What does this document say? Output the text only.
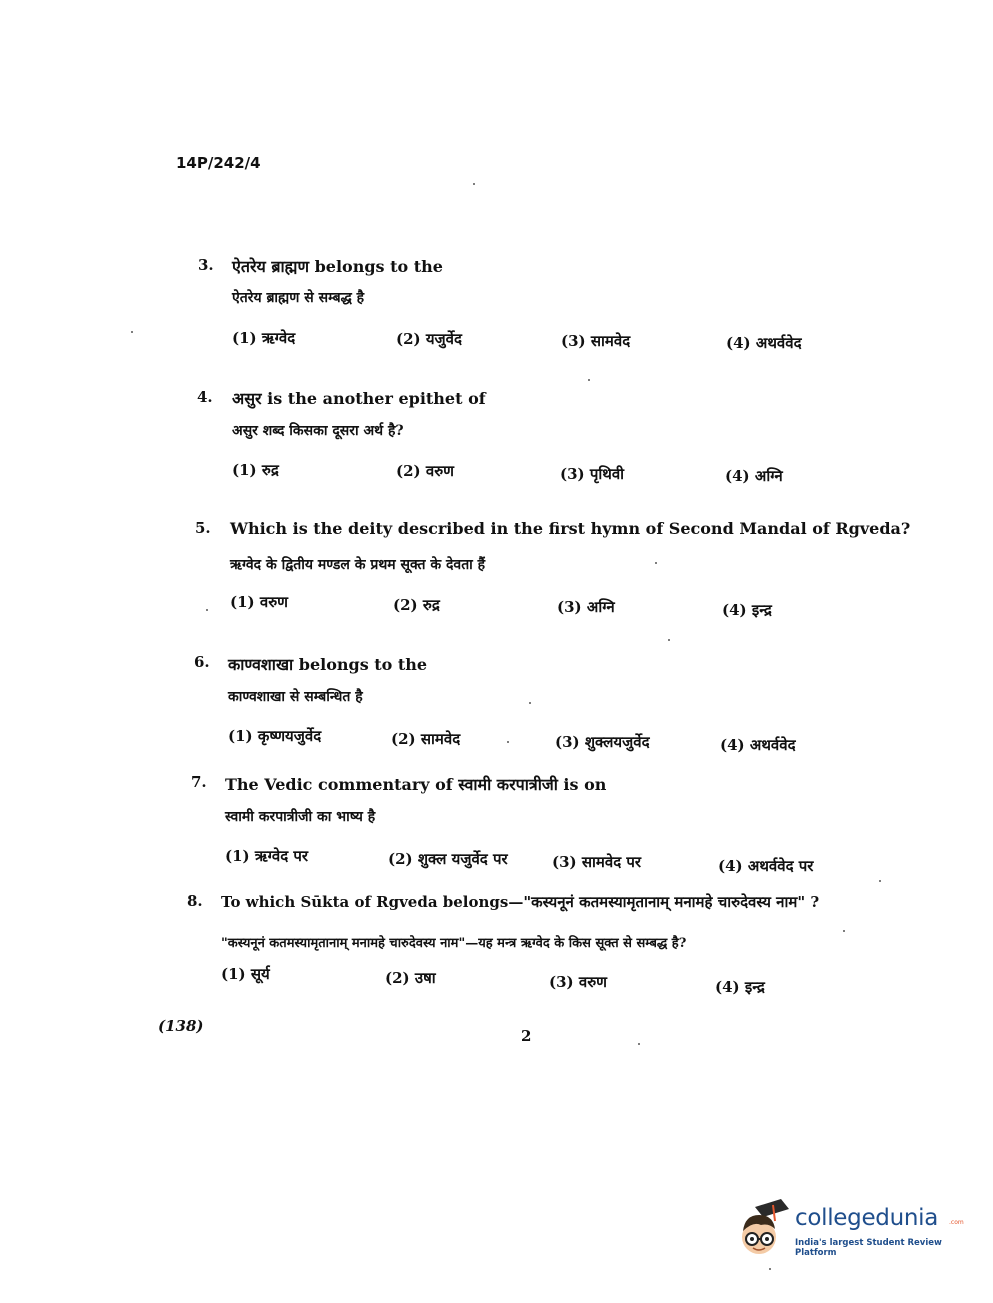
14P/242/4
3. ऐतरेय ब्राह्मण belongs to the
ऐतरेय ब्राह्मण से सम्बद्ध है
(1) ऋग्वेद	(2) यजुर्वेद	(3) सामवेद	(4) अथर्ववेद
4. असुर is the another epithet of
असुर शब्द किसका दूसरा अर्थ है?
(1) रुद्र	(2) वरुण	(3) पृथिवी	(4) अग्नि
5. Which is the deity described in the first hymn of Second Mandal of Rgveda?
ऋग्वेद के द्वितीय मण्डल के प्रथम सूक्त के देवता हैं
(1) वरुण	(2) रुद्र	(3) अग्नि	(4) इन्द्र
6. काण्वशाखा belongs to the
काण्वशाखा से सम्बन्धित है
(1) कृष्णयजुर्वेद	(2) सामवेद	(3) शुक्लयजुर्वेद	(4) अथर्ववेद
7. The Vedic commentary of स्वामी करपात्रीजी is on
स्वामी करपात्रीजी का भाष्य है
(1) ऋग्वेद पर	(2) शुक्ल यजुर्वेद पर	(3) सामवेद पर	(4) अथर्ववेद पर
8. To which Sūkta of Rgveda belongs—"कस्यनूनं कतमस्यामृतानाम् मनामहे चारुदेवस्य नाम" ?
"कस्यनूनं कतमस्यामृतानाम् मनामहे चारुदेवस्य नाम"—यह मन्त्र ऋग्वेद के किस सूक्त से सम्बद्ध है?
(1) सूर्य	(2) उषा	(3) वरुण	(4) इन्द्र
(138)
2
collegedunia .com
India's largest Student Review Platform
